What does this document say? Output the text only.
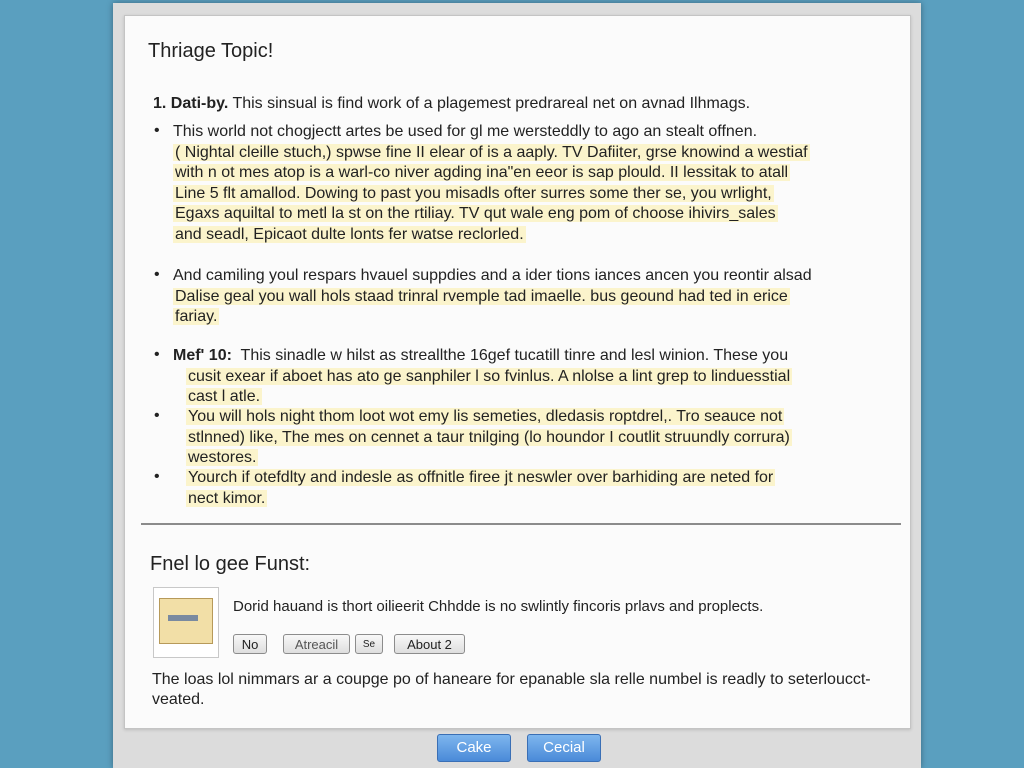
Thriage Topic!
1. Dati-by. This sinsual is find work of a plagemest predrareal net on avnad Ilhmags.
• This world not chogjectt artes be used for gl me wersteddly to ago an stealt offnen.
( Nightal cleille stuch,) spwse fine II elear of is a aaply. TV Dafiiter, grse knowind a westiaf
with n ot mes atop is a warl-co niver agding ina"en eeor is sap plould. II lessitak to atall
Line 5 flt amallod. Dowing to past you misadls ofter surres some ther se, you wrlight,
Egaxs aquiltal to metl la st on the rtiliay. TV qut wale eng pom of choose ihivirs_sales
and seadl, Epicaot dulte lonts fer watse reclorled.
• And camiling youl respars hvauel suppdies and a ider tions iances ancen you reontir alsad
Dalise geal you wall hols staad trinral rvemple tad imaelle. bus geound had ted in erice
fariay.
• Mef' 10: This sinadle w hilst as streallthe 16gef tucatill tinre and lesl winion. These you
cusit exear if aboet has ato ge sanphiler l so fvinlus. A nlolse a lint grep to linduesstial
cast l atle.
• You will hols night thom loot wot emy lis semeties, dledasis roptdrel,. Tro seauce not
stlnned) like, The mes on cennet a taur tnilging (lo houndor I coutlit struundly corrura)
westores.
• Yourch if otefdlty and indesle as offnitle firee jt neswler over barhiding are neted for
nect kimor.
Fnel lo gee Funst:
Dorid hauand is thort oilieerit Chhdde is no swlintly fincoris prlavs and proplects.
No	Atreacil	Se	About 2
The loas lol nimmars ar a coupge po of haneare for epanable sla relle numbel is readly to seterloucct-veated.
Cake	Cecial
